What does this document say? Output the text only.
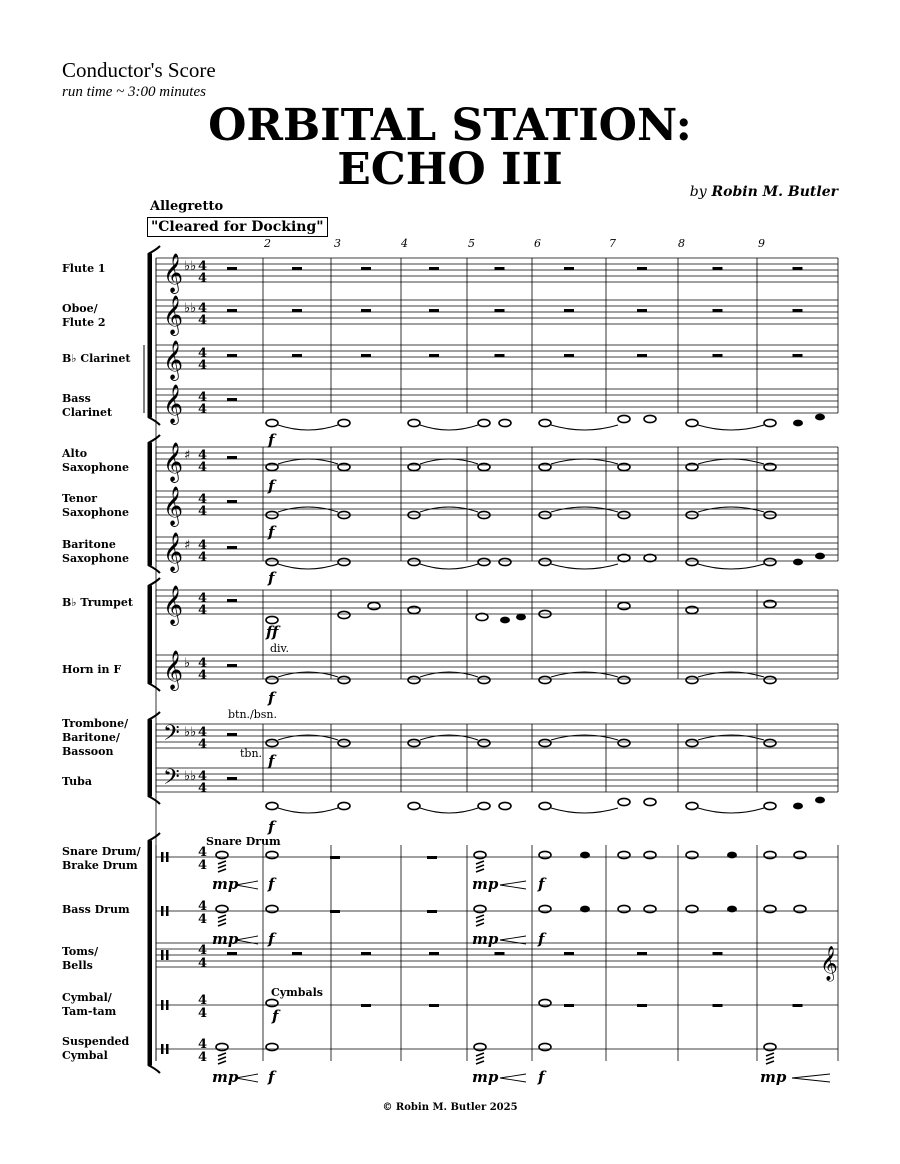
Conductor's Score
run time ~ 3:00 minutes
ORBITAL STATION:
ECHO III	by Robin M. Butler
Allegretto
"Cleared for Docking"
2	3	4	5	6	7	8	9
Flute 1
Oboe/ Flute 2
B♭ Clarinet
Bass Clarinet
Alto Saxophone
Tenor Saxophone
Baritone Saxophone
B♭ Trumpet
Horn in F
Trombone/ Baritone/ Bassoon
Tuba
Snare Drum/ Brake Drum
Bass Drum
Toms/ Bells
Cymbal/ Tam-tam
Suspended Cymbal
𝄞
𝄞
𝄞
𝄞
𝄞
𝄞
𝄞
𝄞
𝄞
𝄢
𝄢
♭♭
♭♭
♯
♯
♭
♭♭
♭♭
4
4
4
4
4
4
4
4
4
4
4
4
4
4
4
4
4
4
4
4
4
4
4
4
4
4
4
4
4
4
4
4
𝄞
div.
btn./bsn.
tbn.
Snare Drum
Cymbals
f
f
f
f
ff
f
f
f
f	f
f	f
f
f	f
mp	mp
mp	mp
mp	mp	mp
© Robin M. Butler 2025
